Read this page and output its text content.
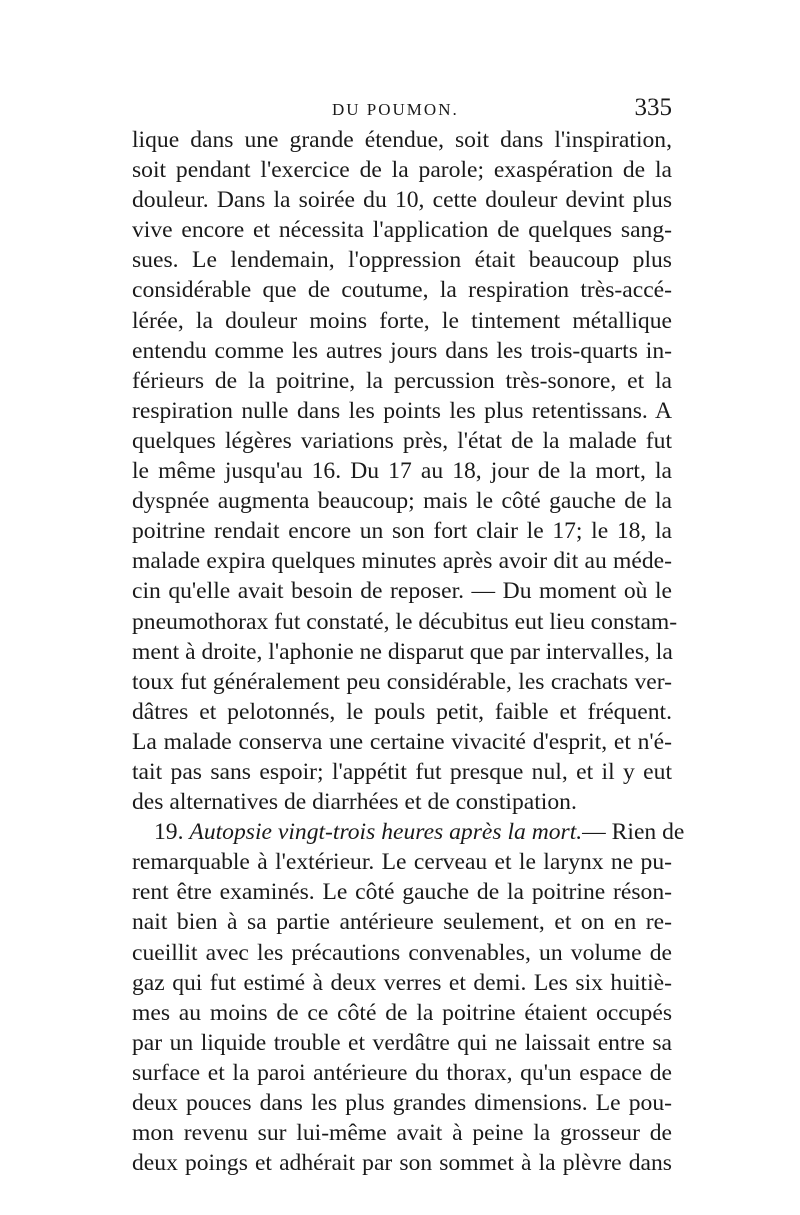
DU POUMON.	335
lique dans une grande étendue, soit dans l'inspiration,
soit pendant l'exercice de la parole; exaspération de la
douleur. Dans la soirée du 10, cette douleur devint plus
vive encore et nécessita l'application de quelques sang-
sues. Le lendemain, l'oppression était beaucoup plus
considérable que de coutume, la respiration très-accé-
lérée, la douleur moins forte, le tintement métallique
entendu comme les autres jours dans les trois-quarts in-
férieurs de la poitrine, la percussion très-sonore, et la
respiration nulle dans les points les plus retentissans. A
quelques légères variations près, l'état de la malade fut
le même jusqu'au 16. Du 17 au 18, jour de la mort, la
dyspnée augmenta beaucoup; mais le côté gauche de la
poitrine rendait encore un son fort clair le 17; le 18, la
malade expira quelques minutes après avoir dit au méde-
cin qu'elle avait besoin de reposer. — Du moment où le
pneumothorax fut constaté, le décubitus eut lieu constam-
ment à droite, l'aphonie ne disparut que par intervalles, la
toux fut généralement peu considérable, les crachats ver-
dâtres et pelotonnés, le pouls petit, faible et fréquent.
La malade conserva une certaine vivacité d'esprit, et n'é-
tait pas sans espoir; l'appétit fut presque nul, et il y eut
des alternatives de diarrhées et de constipation.
19. Autopsie vingt-trois heures après la mort.— Rien de
remarquable à l'extérieur. Le cerveau et le larynx ne pu-
rent être examinés. Le côté gauche de la poitrine réson-
nait bien à sa partie antérieure seulement, et on en re-
cueillit avec les précautions convenables, un volume de
gaz qui fut estimé à deux verres et demi. Les six huitiè-
mes au moins de ce côté de la poitrine étaient occupés
par un liquide trouble et verdâtre qui ne laissait entre sa
surface et la paroi antérieure du thorax, qu'un espace de
deux pouces dans les plus grandes dimensions. Le pou-
mon revenu sur lui-même avait à peine la grosseur de
deux poings et adhérait par son sommet à la plèvre dans
